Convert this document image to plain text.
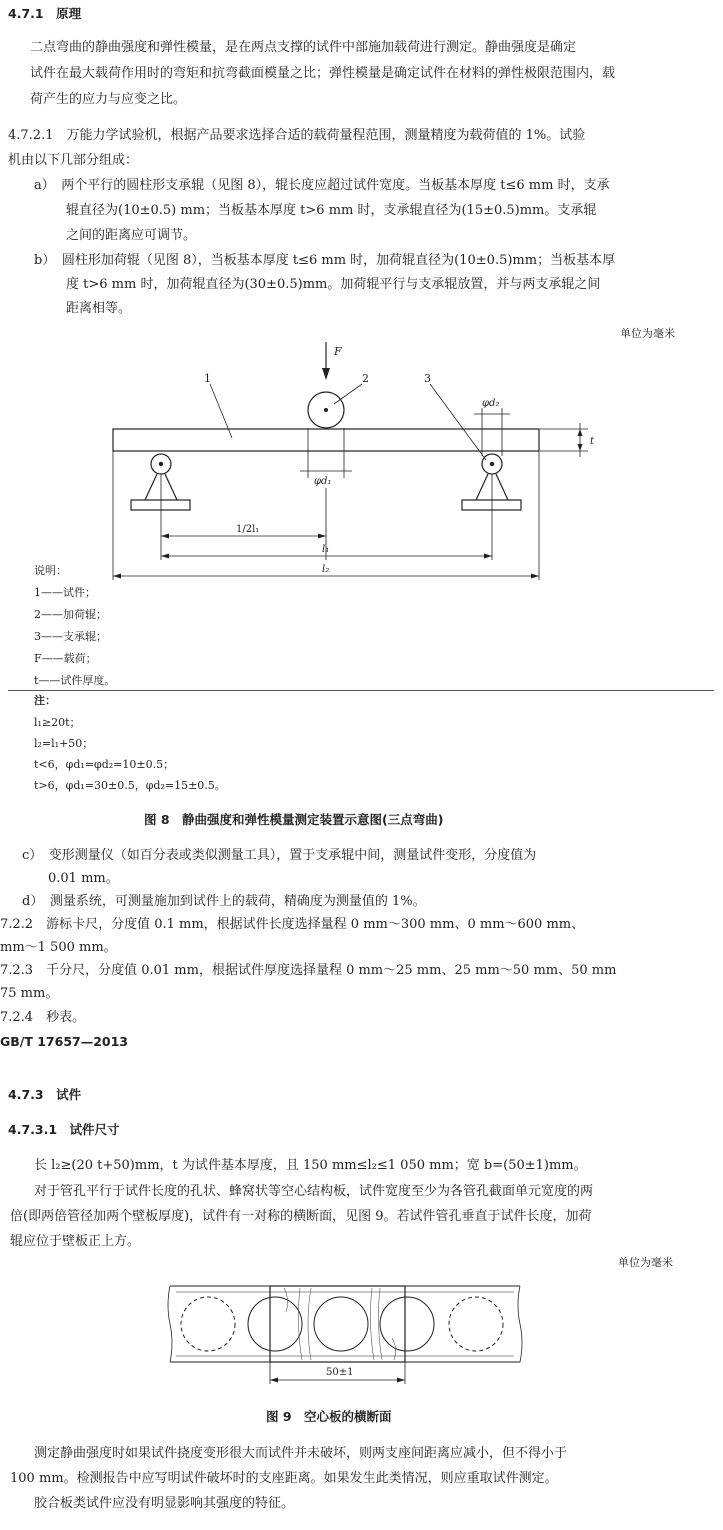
4.7.1　原理
二点弯曲的静曲强度和弹性模量，是在两点支撑的试件中部施加载荷进行测定。静曲强度是确定
试件在最大载荷作用时的弯矩和抗弯截面模量之比；弹性模量是确定试件在材料的弹性极限范围内，载
荷产生的应力与应变之比。
4.7.2.1　万能力学试验机，根据产品要求选择合适的载荷量程范围，测量精度为载荷值的 1%。试验
机由以下几部分组成：
a）　两个平行的圆柱形支承辊（见图 8），辊长度应超过试件宽度。当板基本厚度 t≤6 mm 时，支承
辊直径为(10±0.5) mm；当板基本厚度 t>6 mm 时，支承辊直径为(15±0.5)mm。支承辊
之间的距离应可调节。
b）　圆柱形加荷辊（见图 8），当板基本厚度 t≤6 mm 时，加荷辊直径为(10±0.5)mm；当板基本厚
度 t>6 mm 时，加荷辊直径为(30±0.5)mm。加荷辊平行与支承辊放置，并与两支承辊之间
距离相等。
单位为毫米
F
1	2	3
φd₂
φd₁
t
1/2l₁
l₁
l₂
说明：
1——试件；
2——加荷辊；
3——支承辊；
F——载荷；
t——试件厚度。
注：
l₁≥20t；
l₂=l₁+50；
t<6，φd₁=φd₂=10±0.5；
t>6，φd₁=30±0.5，φd₂=15±0.5。
图 8　静曲强度和弹性模量测定装置示意图(三点弯曲)
c）　变形测量仪（如百分表或类似测量工具），置于支承辊中间，测量试件变形，分度值为
0.01 mm。
d）　测量系统，可测量施加到试件上的载荷，精确度为测量值的 1%。
7.2.2　游标卡尺，分度值 0.1 mm，根据试件长度选择量程 0 mm～300 mm、0 mm～600 mm、
mm～1 500 mm。
7.2.3　千分尺，分度值 0.01 mm，根据试件厚度选择量程 0 mm～25 mm、25 mm～50 mm、50 mm
75 mm。
7.2.4　秒表。
GB/T 17657—2013
4.7.3　试件
4.7.3.1　试件尺寸
长 l₂≥(20 t+50)mm，t 为试件基本厚度，且 150 mm≤l₂≤1 050 mm；宽 b=(50±1)mm。
对于管孔平行于试件长度的孔状、蜂窝状等空心结构板，试件宽度至少为各管孔截面单元宽度的两
倍(即两倍管径加两个壁板厚度)，试件有一对称的横断面，见图 9。若试件管孔垂直于试件长度，加荷
辊应位于壁板正上方。
单位为毫米
50±1
图 9　空心板的横断面
测定静曲强度时如果试件挠度变形很大而试件并未破坏，则两支座间距离应减小，但不得小于
100 mm。检测报告中应写明试件破坏时的支座距离。如果发生此类情况，则应重取试件测定。
胶合板类试件应没有明显影响其强度的特征。
